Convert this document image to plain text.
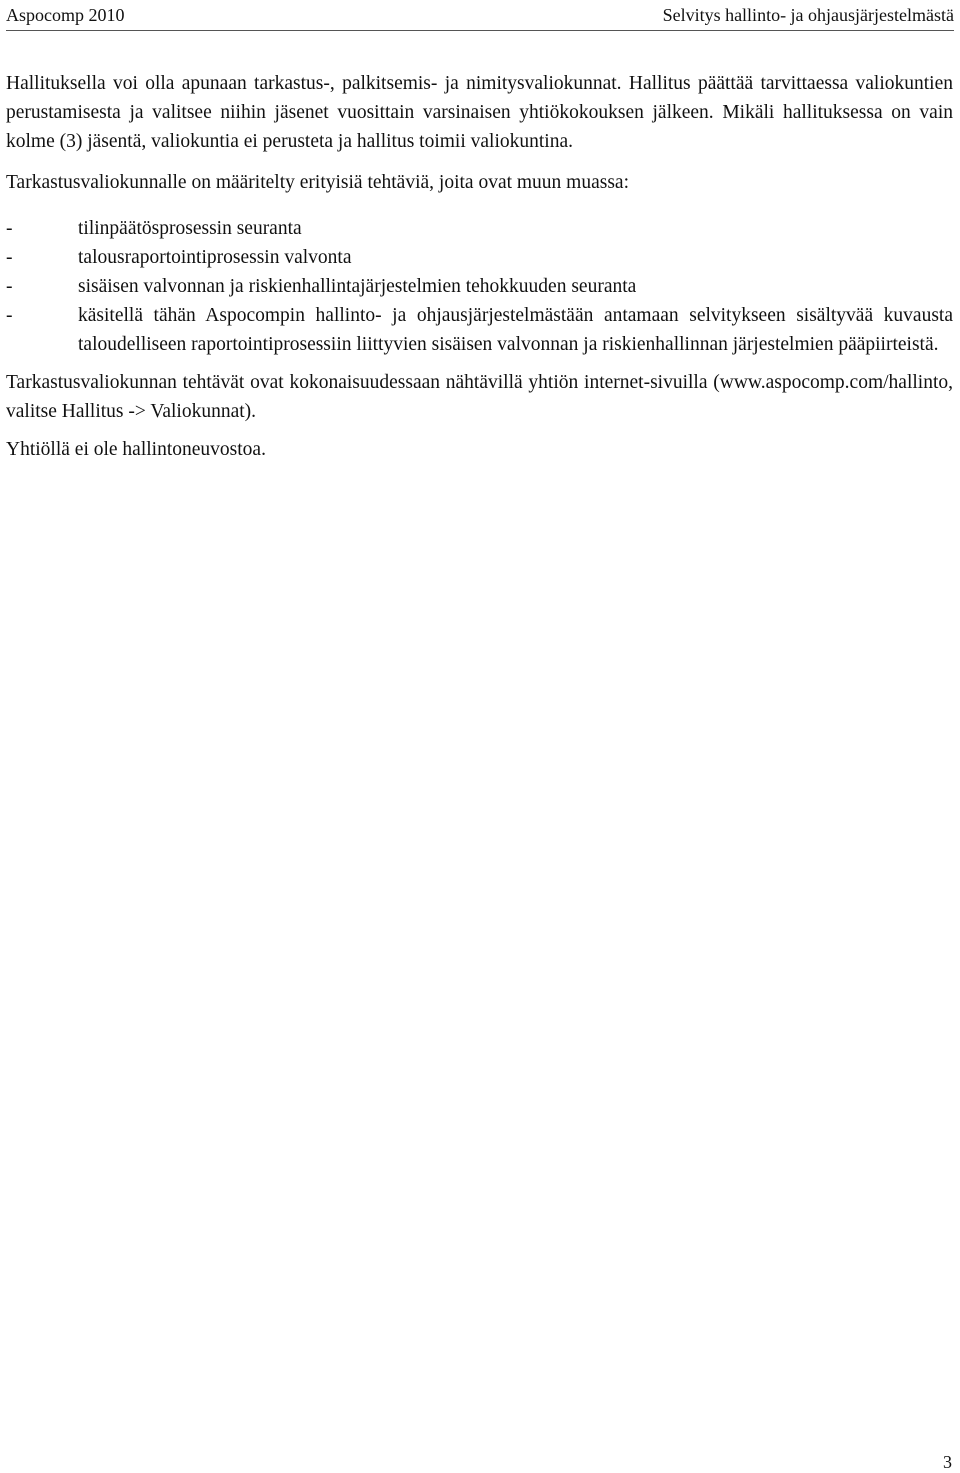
Aspocomp 2010	Selvitys hallinto- ja ohjausjärjestelmästä

Hallituksella voi olla apunaan tarkastus-, palkitsemis- ja nimitysvaliokunnat. Hallitus päättää tarvittaessa valiokuntien perustamisesta ja valitsee niihin jäsenet vuosittain varsinaisen yhtiökokouksen jälkeen. Mikäli hallituksessa on vain kolme (3) jäsentä, valiokuntia ei perusteta ja hallitus toimii valiokuntina.

Tarkastusvaliokunnalle on määritelty erityisiä tehtäviä, joita ovat muun muassa:

-	tilinpäätösprosessin seuranta
-	talousraportointiprosessin valvonta
-	sisäisen valvonnan ja riskienhallintajärjestelmien tehokkuuden seuranta
-	käsitellä tähän Aspocompin hallinto- ja ohjausjärjestelmästään antamaan selvitykseen sisältyvää kuvausta taloudelliseen raportointiprosessiin liittyvien sisäisen valvonnan ja riskienhallinnan järjestelmien pääpiirteistä.

Tarkastusvaliokunnan tehtävät ovat kokonaisuudessaan nähtävillä yhtiön internet-sivuilla (www.aspocomp.com/hallinto, valitse Hallitus -> Valiokunnat).

Yhtiöllä ei ole hallintoneuvostoa.

3
